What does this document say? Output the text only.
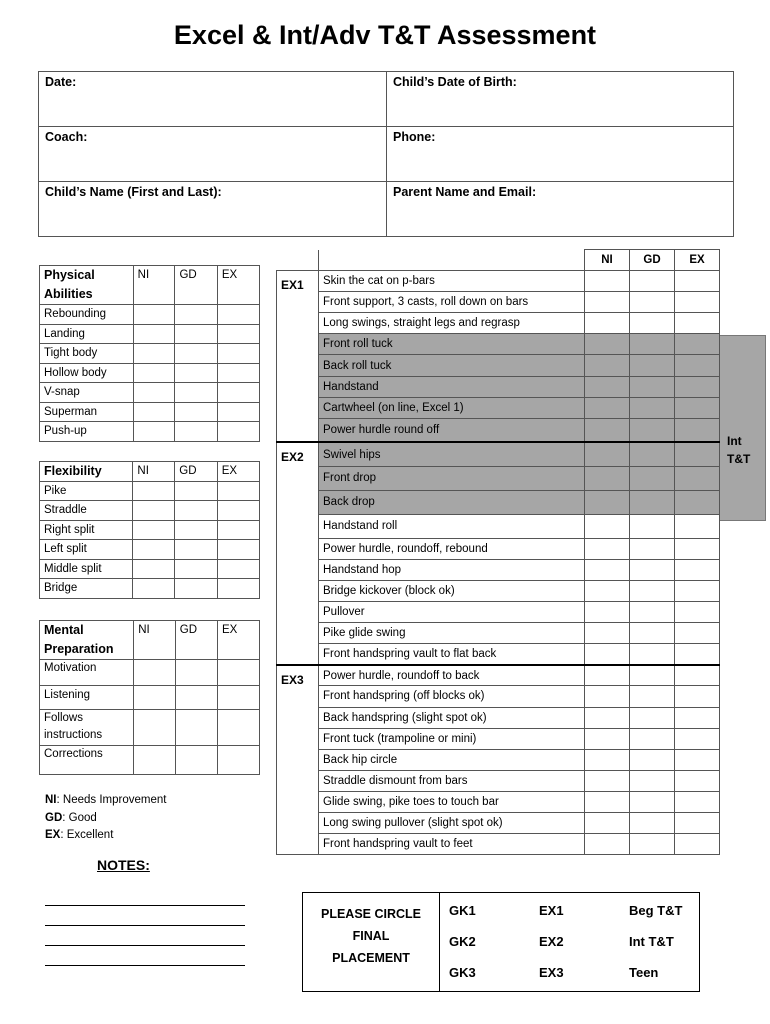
Excel & Int/Adv T&T Assessment
Date:	Child’s Date of Birth:
Coach:	Phone:
Child’s Name (First and Last):	Parent Name and Email:
Physical Abilities	NI	GD	EX
Rebounding			
Landing			
Tight body			
Hollow body			
V-snap			
Superman			
Push-up			
Flexibility	NI	GD	EX
Pike			
Straddle			
Right split			
Left split			
Middle split			
Bridge			
Mental Preparation	NI	GD	EX
Motivation			
Listening			
Follows instructions			
Corrections			
NI: Needs Improvement
GD: Good
EX: Excellent
NOTES:
Int
T&T
		NI	GD	EX
EX1	Skin the cat on p-bars			
	Front support, 3 casts, roll down on bars			
	Long swings, straight legs and regrasp			
	Front roll tuck			
	Back roll tuck			
	Handstand			
	Cartwheel (on line, Excel 1)			
	Power hurdle round off			
EX2	Swivel hips			
	Front drop			
	Back drop			
	Handstand roll			
	Power hurdle, roundoff, rebound			
	Handstand hop			
	Bridge kickover (block ok)			
	Pullover			
	Pike glide swing			
	Front handspring vault to flat back			
EX3	Power hurdle, roundoff to back			
	Front handspring (off blocks ok)			
	Back handspring (slight spot ok)			
	Front tuck (trampoline or mini)			
	Back hip circle			
	Straddle dismount from bars			
	Glide swing, pike toes to touch bar			
	Long swing pullover (slight spot ok)			
	Front handspring vault to feet			
PLEASE CIRCLE
FINAL
PLACEMENT
GK1	EX1	Beg T&T
GK2	EX2	Int T&T
GK3	EX3	Teen
